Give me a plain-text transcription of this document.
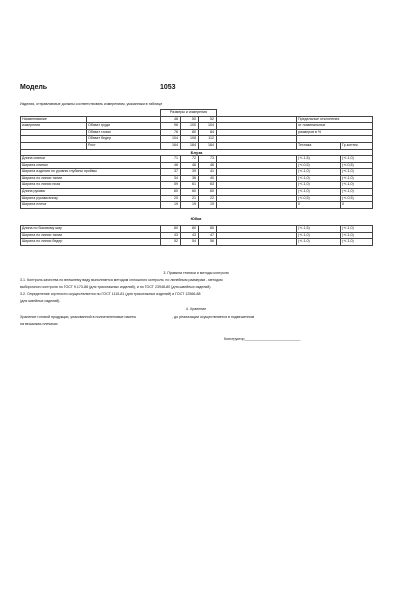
Модель	1053
Изделия, отправляемые должны соответствовать измерениям, указанным в таблице
		Размеры и измерения					
Наименование		48	50	52		Предельные отклонения	
измерения	Обхват груди	96	100	104		от номинальных	
	Обхват талии	76	80	84		размеров в %	
	Обхват бедер	104	108	112			
	Рост	164	164	164		Техника	Гр.контек.
Блуза							
Длина спинки	71	72	73		(+/-1,5)	(+/-1,0)
Ширина спинки	46	46	46		(+/-0,5)	(+/-0,5)
Ширина изделия по уровню глубины проймы	37	39	41		(+/-1,0)	(+/-1,0)
Ширина по линии талии	34	36	40		(+/-1,0)	(+/-1,0)
Ширина по линии низа	59	61	63		(+/-1,0)	(+/-1,0)
Длина рукава	60	60	60		(+/-1,0)	(+/-1,0)
Ширина рукава внизу	20	21	22		(+/-0,5)	(+/-0,5)
Ширина плеча	19	19	19		0	0
Юбка
Длина по боковому шву	80	80	80		(+/-1,5)	(+/-1,0)
Ширина по линии талии	43	43	47		(+/-1,0)	(+/-1,0)
Ширина по линии бедер	52	54	56		(+/-1,0)	(+/-1,0)
3. Правила техники и методы контроля
3.1. Контроль качества по внешнему виду выполняется методом сплошного контроля, по линейным размерам - методом
выборочного контроля по ГОСТ 9.173-86 (для трикотажных изделий), и по ГОСТ 23948-80 (для швейных изделий).
3.2. Определение сортности осуществляется по ГОСТ 1115-81 (для трикотажных изделий) и ГОСТ 12566-88
(для швейных изделий).
4. Хранение
Хранение готовой продукции, упакованной в полиэтиленовые пакеты                                    , до реализации осуществляется в подвешенном
на вешалках-плечиках
Конструктор____________________________
